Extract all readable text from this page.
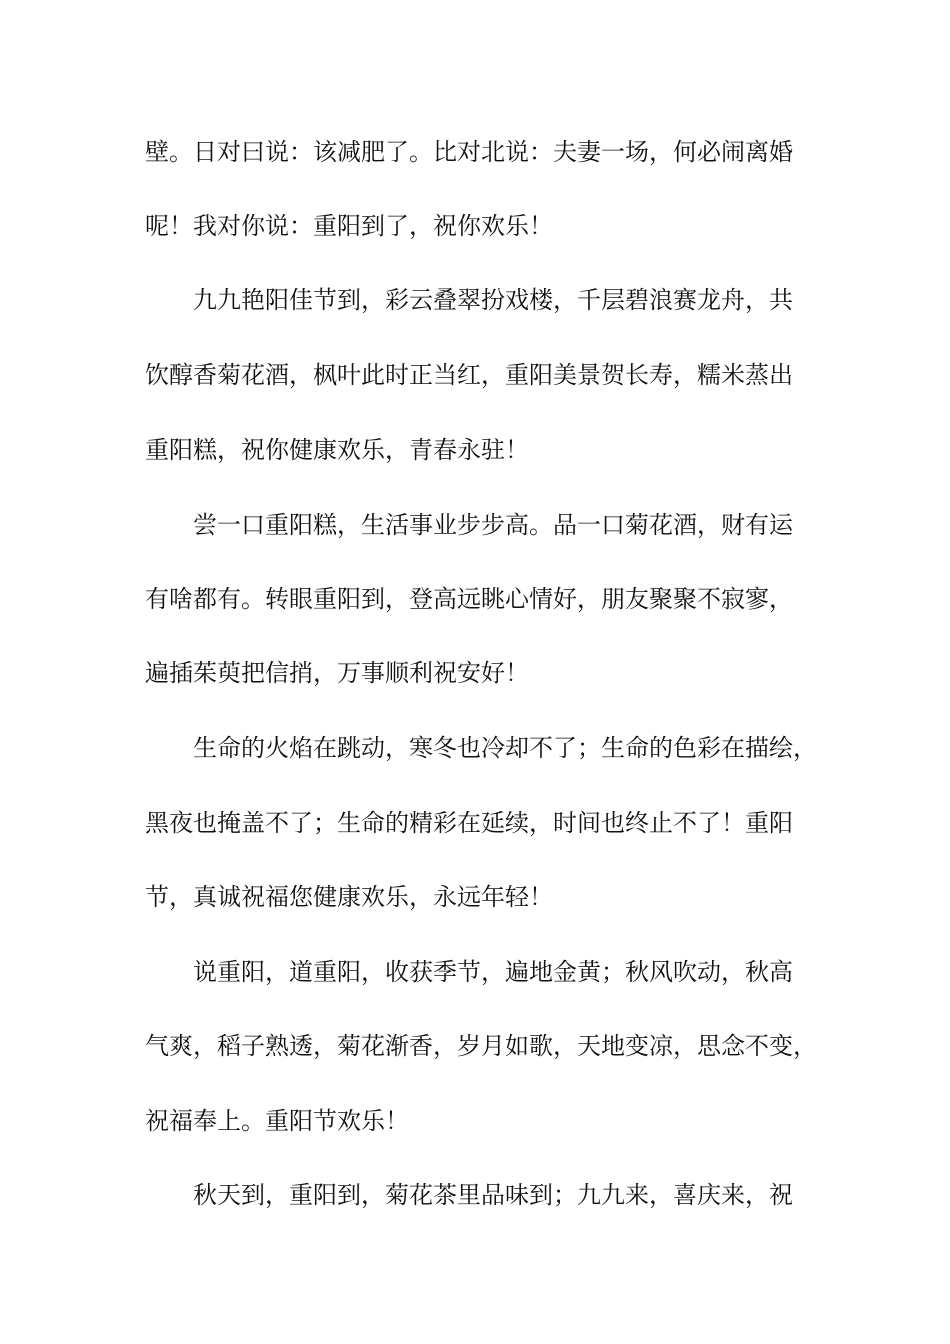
壁。日对曰说：该减肥了。比对北说：夫妻一场，何必闹离婚
呢！我对你说：重阳到了，祝你欢乐！
九九艳阳佳节到，彩云叠翠扮戏楼，千层碧浪赛龙舟，共
饮醇香菊花酒，枫叶此时正当红，重阳美景贺长寿，糯米蒸出
重阳糕，祝你健康欢乐，青春永驻！
尝一口重阳糕，生活事业步步高。品一口菊花酒，财有运
有啥都有。转眼重阳到，登高远眺心情好，朋友聚聚不寂寥，
遍插茱萸把信捎，万事顺利祝安好！
生命的火焰在跳动，寒冬也冷却不了；生命的色彩在描绘，
黑夜也掩盖不了；生命的精彩在延续，时间也终止不了！重阳
节，真诚祝福您健康欢乐，永远年轻！
说重阳，道重阳，收获季节，遍地金黄；秋风吹动，秋高
气爽，稻子熟透，菊花渐香，岁月如歌，天地变凉，思念不变，
祝福奉上。重阳节欢乐！
秋天到，重阳到，菊花茶里品味到；九九来，喜庆来，祝
